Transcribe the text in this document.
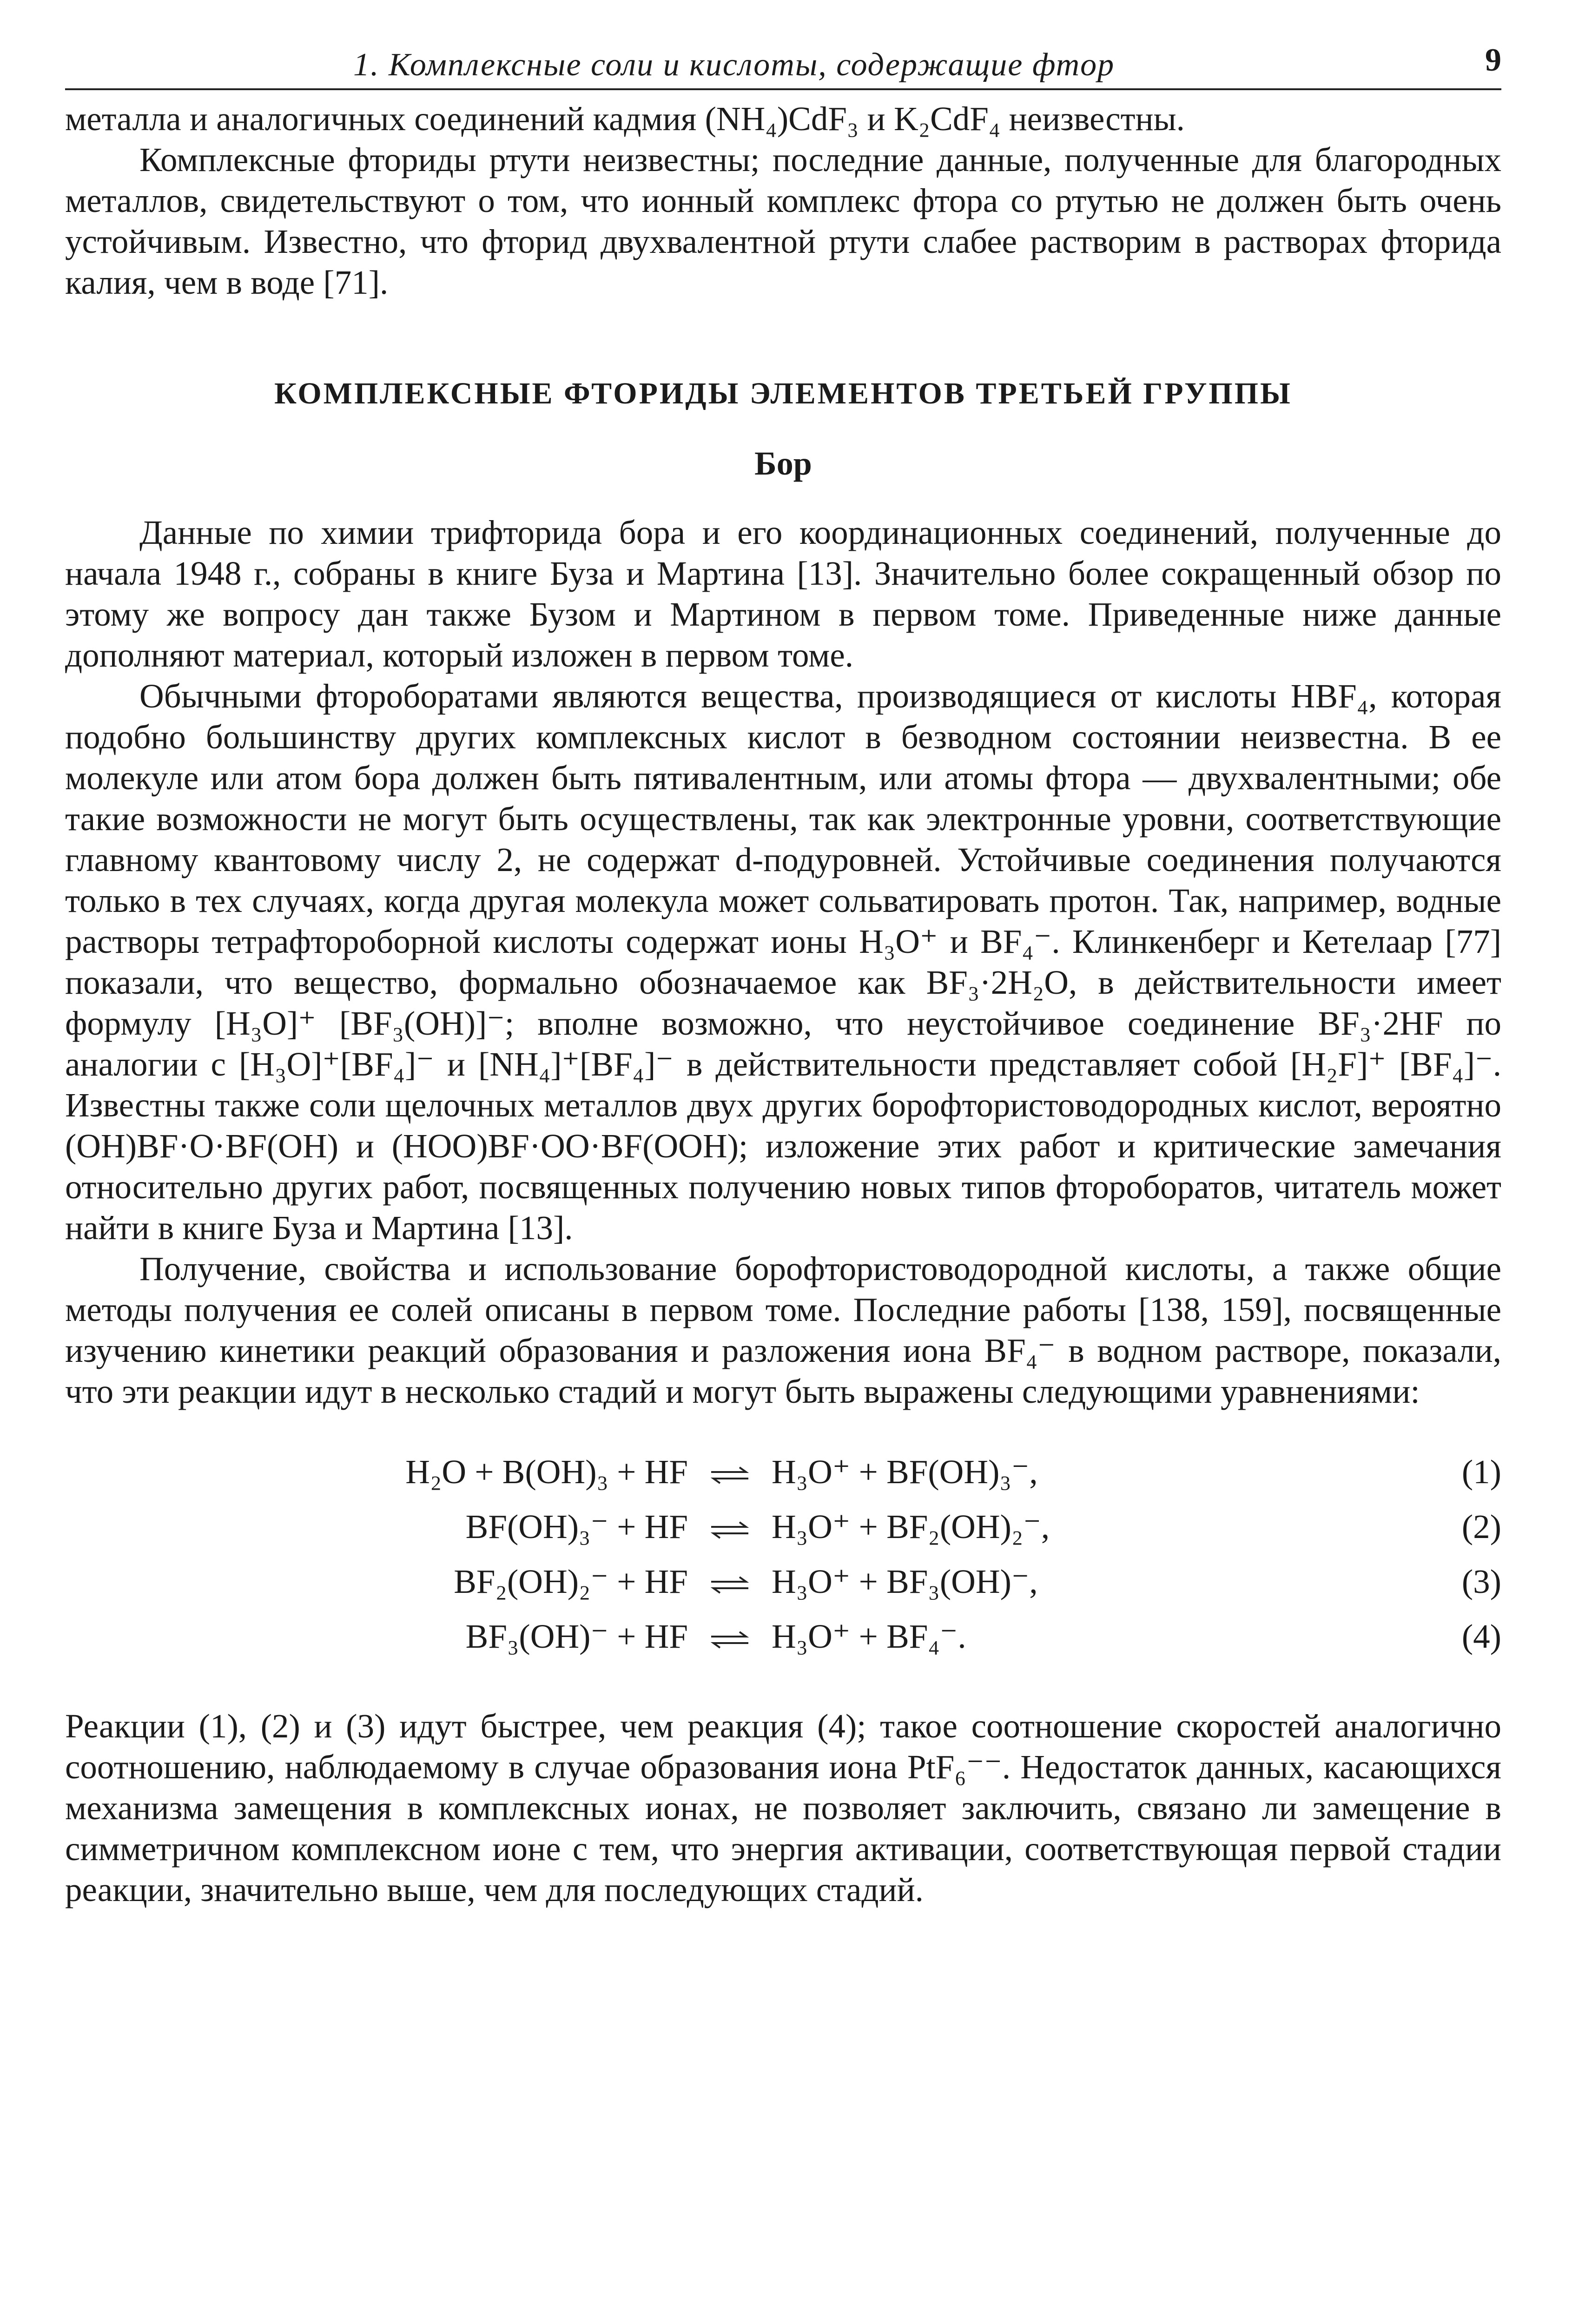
1. Комплексные соли и кислоты, содержащие фтор	9

металла и аналогичных соединений кадмия (NH₄)CdF₃ и K₂CdF₄ неизвестны.

Комплексные фториды ртути неизвестны; последние данные, полученные для благородных металлов, свидетельствуют о том, что ионный комплекс фтора со ртутью не должен быть очень устойчивым. Известно, что фторид двухвалентной ртути слабее растворим в растворах фторида калия, чем в воде [71].

КОМПЛЕКСНЫЕ ФТОРИДЫ ЭЛЕМЕНТОВ ТРЕТЬЕЙ ГРУППЫ
Бор

Данные по химии трифторида бора и его координационных соединений, полученные до начала 1948 г., собраны в книге Буза и Мартина [13]. Значительно более сокращенный обзор по этому же вопросу дан также Бузом и Мартином в первом томе. Приведенные ниже данные дополняют материал, который изложен в первом томе.

Обычными фтороборатами являются вещества, производящиеся от кислоты HBF₄, которая подобно большинству других комплексных кислот в безводном состоянии неизвестна. В ее молекуле или атом бора должен быть пятивалентным, или атомы фтора — двухвалентными; обе такие возможности не могут быть осуществлены, так как электронные уровни, соответствующие главному квантовому числу 2, не содержат d-подуровней. Устойчивые соединения получаются только в тех случаях, когда другая молекула может сольватировать протон. Так, например, водные растворы тетрафтороборной кислоты содержат ионы H₃O⁺ и BF₄⁻. Клинкенберг и Кетелаар [77] показали, что вещество, формально обозначаемое как BF₃·2H₂O, в действительности имеет формулу [H₃O]⁺ [BF₃(OH)]⁻; вполне возможно, что неустойчивое соединение BF₃·2HF по аналогии с [H₃O]⁺[BF₄]⁻ и [NH₄]⁺[BF₄]⁻ в действительности представляет собой [H₂F]⁺ [BF₄]⁻. Известны также соли щелочных металлов двух других борофтористоводородных кислот, вероятно (OH)BF·O·BF(OH) и (HOO)BF·OO·BF(OOH); изложение этих работ и критические замечания относительно других работ, посвященных получению новых типов фтороборатов, читатель может найти в книге Буза и Мартина [13].

Получение, свойства и использование борофтористоводородной кислоты, а также общие методы получения ее солей описаны в первом томе. Последние работы [138, 159], посвященные изучению кинетики реакций образования и разложения иона BF₄⁻ в водном растворе, показали, что эти реакции идут в несколько стадий и могут быть выражены следующими уравнениями:

H₂O + B(OH)₃ + HF ⇌ H₃O⁺ + BF(OH)₃⁻,	(1)
BF(OH)₃⁻ + HF ⇌ H₃O⁺ + BF₂(OH)₂⁻,	(2)
BF₂(OH)₂⁻ + HF ⇌ H₃O⁺ + BF₃(OH)⁻,	(3)
BF₃(OH)⁻ + HF ⇌ H₃O⁺ + BF₄⁻.	(4)

Реакции (1), (2) и (3) идут быстрее, чем реакция (4); такое соотношение скоростей аналогично соотношению, наблюдаемому в случае образования иона PtF₆⁻⁻. Недостаток данных, касающихся механизма замещения в комплексных ионах, не позволяет заключить, связано ли замещение в симметричном комплексном ионе с тем, что энергия активации, соответствующая первой стадии реакции, значительно выше, чем для последующих стадий.
